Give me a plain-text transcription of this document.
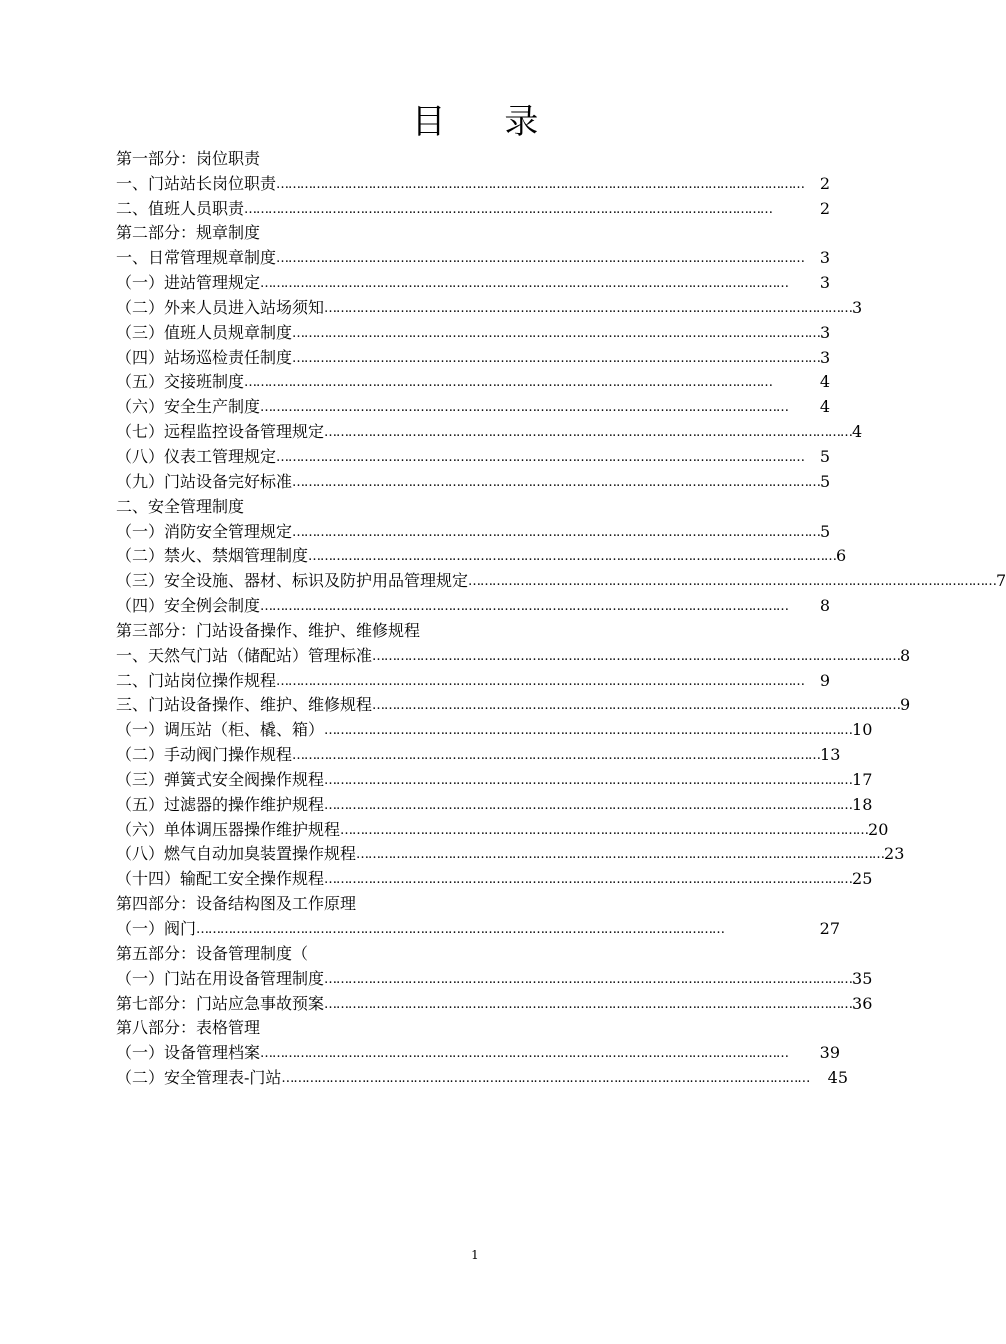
目 录
第一部分：岗位职责
一、门站站长岗位职责 …………………………………………………………………………………………………………………… 2
二、值班人员职责 ……………………………………………………………………………………………………………………	2
第二部分：规章制度
一、日常管理规章制度 …………………………………………………………………………………………………………………… 3
（一）进站管理规定 ……………………………………………………………………………………………………………………	3
（二）外来人员进入站场须知 …………………………………………………………………………………………………………………… 3
（三）值班人员规章制度 …………………………………………………………………………………………………………………… 3
（四）站场巡检责任制度 …………………………………………………………………………………………………………………… 3
（五）交接班制度 ……………………………………………………………………………………………………………………	4
（六）安全生产制度 ……………………………………………………………………………………………………………………	4
（七）远程监控设备管理规定 …………………………………………………………………………………………………………………… 4
（八）仪表工管理规定 …………………………………………………………………………………………………………………… 5
（九）门站设备完好标准 …………………………………………………………………………………………………………………… 5
二、安全管理制度
（一）消防安全管理规定 …………………………………………………………………………………………………………………… 5
（二）禁火、禁烟管理制度 …………………………………………………………………………………………………………………… 6
（三）安全设施、器材、标识及防护用品管理规定 …………………………………………………………………………………………………………………… 7
（四）安全例会制度 ……………………………………………………………………………………………………………………	8
第三部分：门站设备操作、维护、维修规程
一、天然气门站（储配站）管理标准 …………………………………………………………………………………………………………………… 8
二、门站岗位操作规程 …………………………………………………………………………………………………………………… 9
三、门站设备操作、维护、维修规程 …………………………………………………………………………………………………………………… 9
（一）调压站（柜、橇、箱） …………………………………………………………………………………………………………………… 10
（二）手动阀门操作规程 …………………………………………………………………………………………………………………… 13
（三）弹簧式安全阀操作规程 …………………………………………………………………………………………………………………… 17
（五）过滤器的操作维护规程 …………………………………………………………………………………………………………………… 18
（六）单体调压器操作维护规程 …………………………………………………………………………………………………………………… 20
（八）燃气自动加臭装置操作规程 …………………………………………………………………………………………………………………… 23
（十四）输配工安全操作规程 …………………………………………………………………………………………………………………… 25
第四部分：设备结构图及工作原理
（一）阀门 ……………………………………………………………………………………………………………………	27
第五部分：设备管理制度（
（一）门站在用设备管理制度 …………………………………………………………………………………………………………………… 35
第七部分：门站应急事故预案 …………………………………………………………………………………………………………………… 36
第八部分：表格管理
（一）设备管理档案 ……………………………………………………………………………………………………………………	39
（二）安全管理表-门站 ……………………………………………………………………………………………………………………	45
1
